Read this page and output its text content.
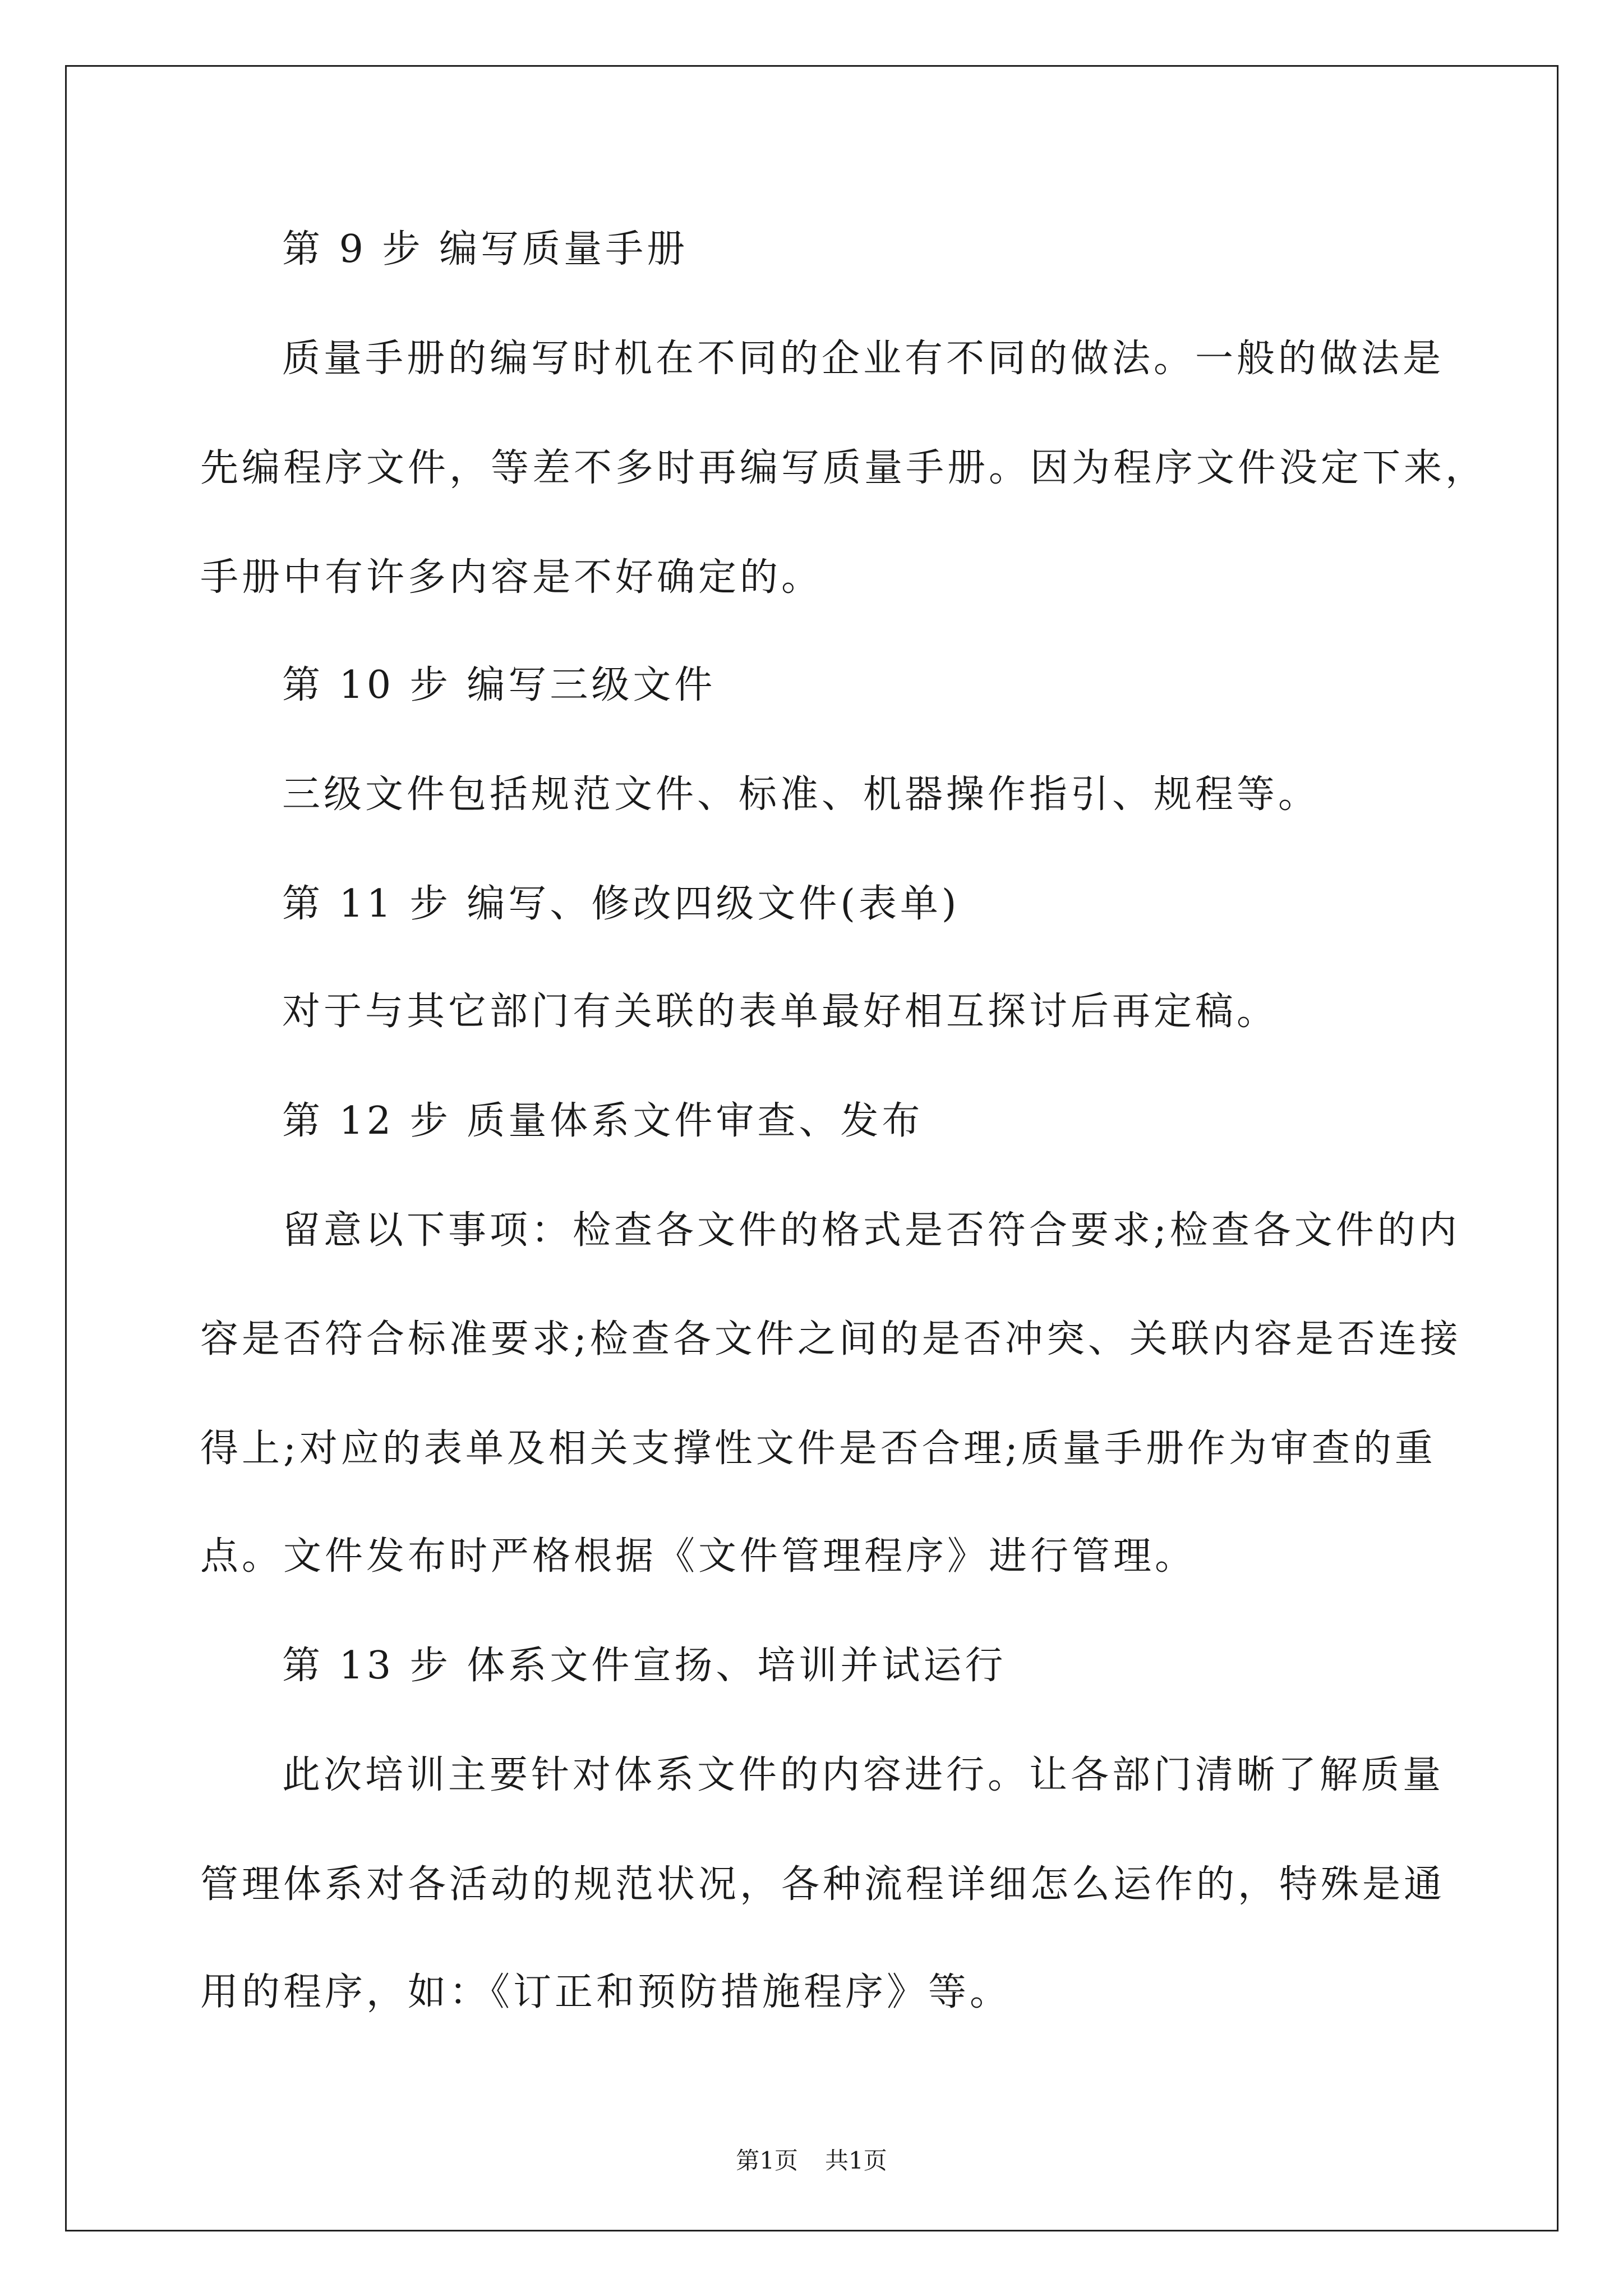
第 9 步 编写质量手册
质量手册的编写时机在不同的企业有不同的做法。一般的做法是
先编程序文件，等差不多时再编写质量手册。因为程序文件没定下来，
手册中有许多内容是不好确定的。
第 10 步 编写三级文件
三级文件包括规范文件、标准、机器操作指引、规程等。
第 11 步 编写、修改四级文件(表单)
对于与其它部门有关联的表单最好相互探讨后再定稿。
第 12 步 质量体系文件审查、发布
留意以下事项：检查各文件的格式是否符合要求;检查各文件的内
容是否符合标准要求;检查各文件之间的是否冲突、关联内容是否连接
得上;对应的表单及相关支撑性文件是否合理;质量手册作为审查的重
点。文件发布时严格根据《文件管理程序》进行管理。
第 13 步 体系文件宣扬、培训并试运行
此次培训主要针对体系文件的内容进行。让各部门清晰了解质量
管理体系对各活动的规范状况，各种流程详细怎么运作的，特殊是通
用的程序，如：《订正和预防措施程序》等。
第1页 共1页
